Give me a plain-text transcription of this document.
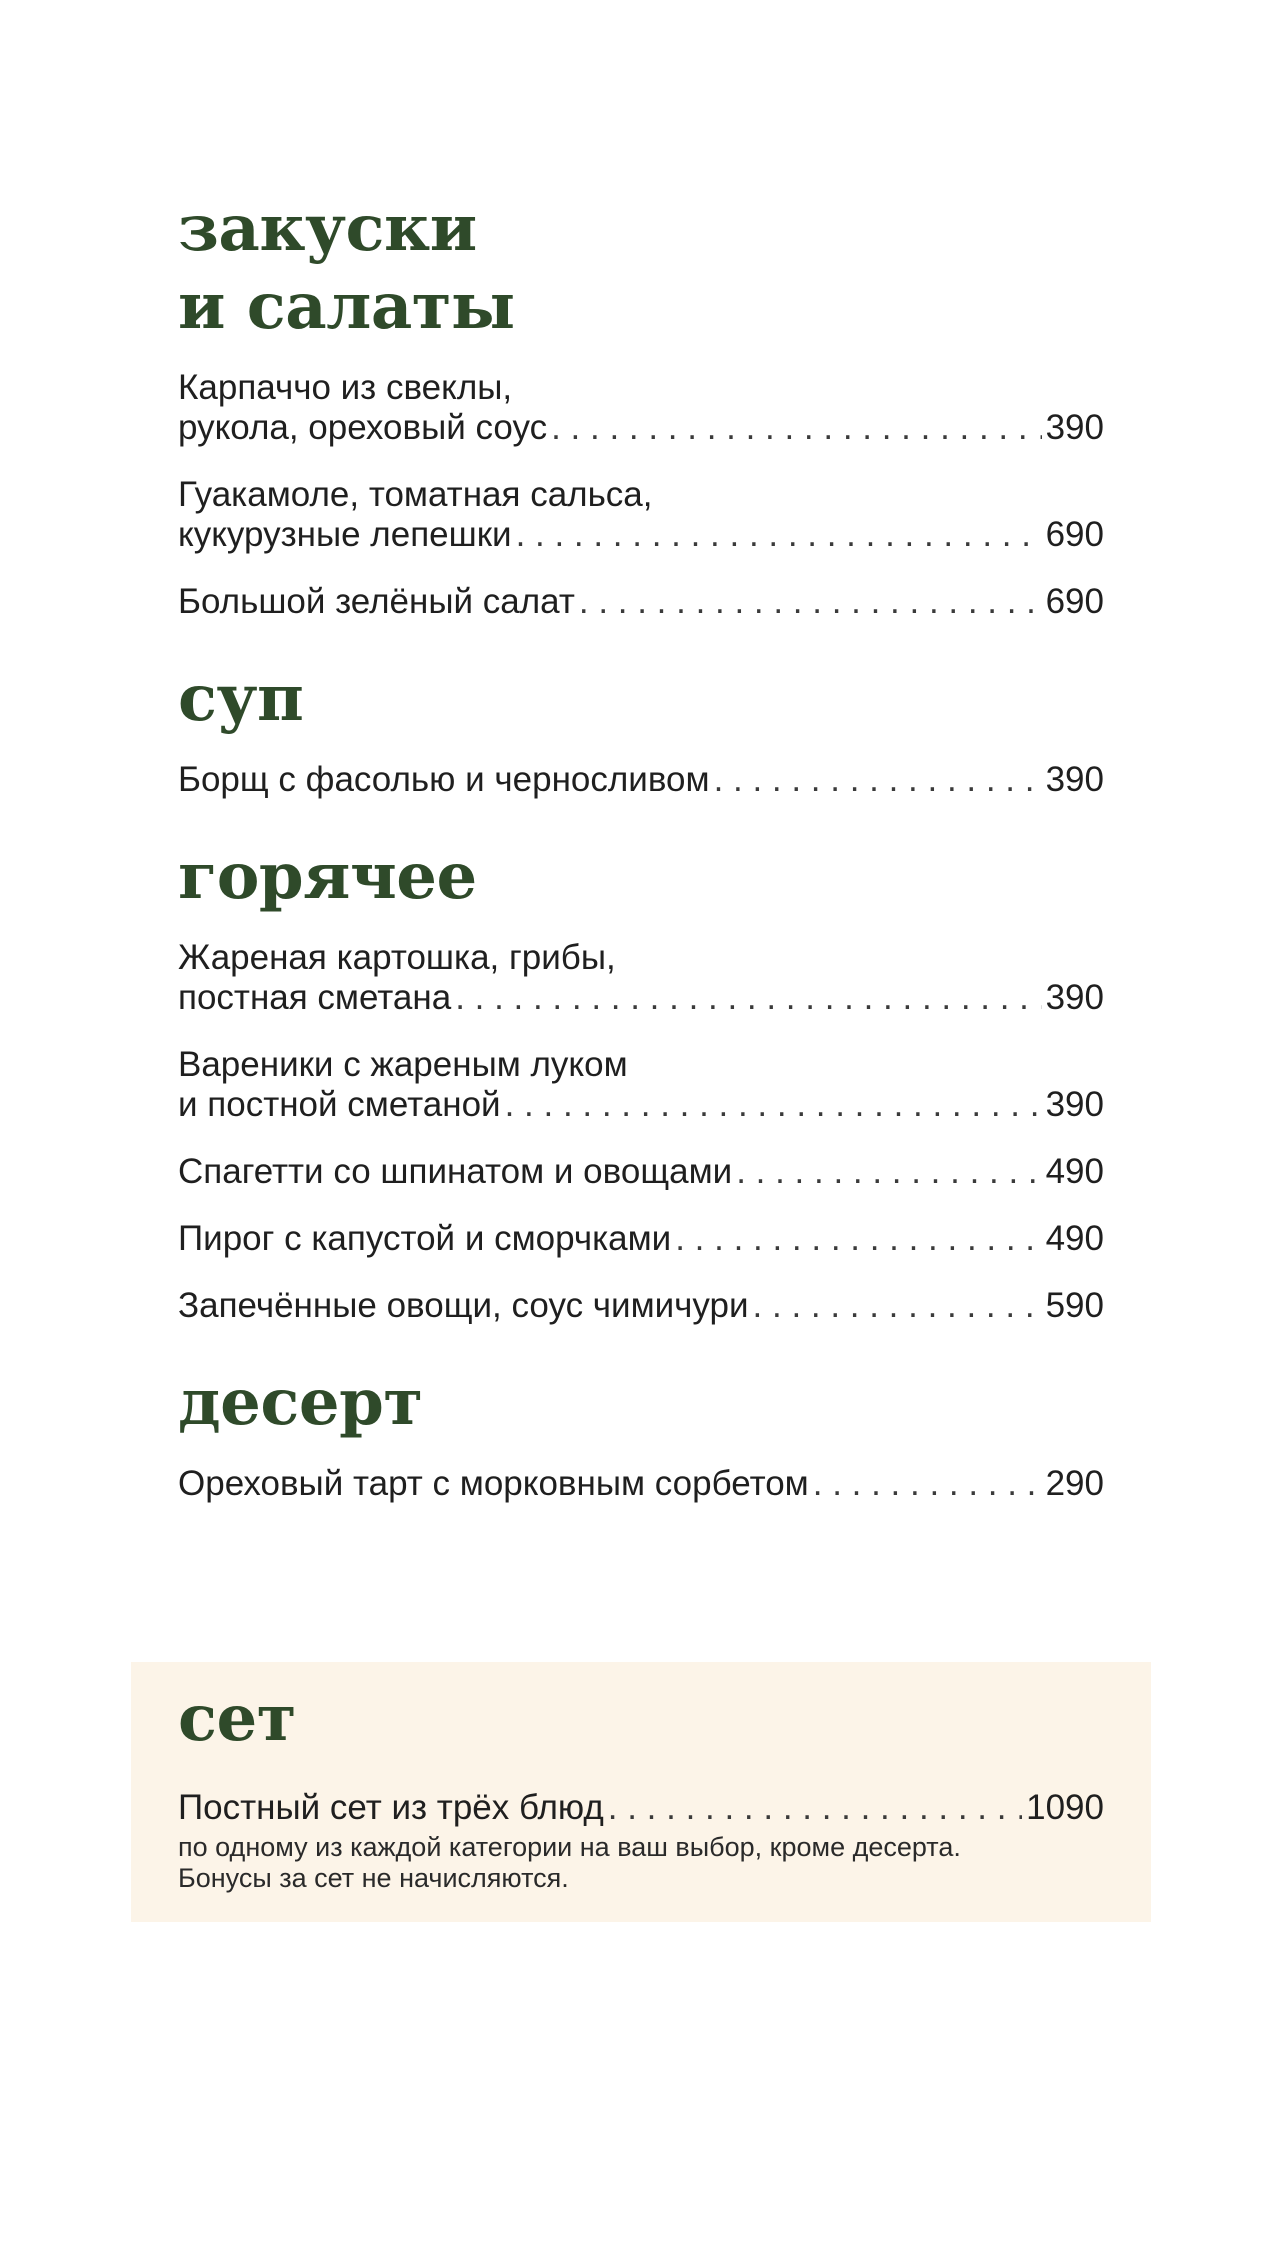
закуски
и салаты
Карпаччо из свеклы,
рукола, ореховый соус . . .	390
Гуакамоле, томатная сальса,
кукурузные лепешки . . .	690
Большой зелёный салат . . .	690
суп
Борщ с фасолью и черносливом . . .	390
горячее
Жареная картошка, грибы,
постная сметана . . .	390
Вареники с жареным луком
и постной сметаной . . .	390
Спагетти со шпинатом и овощами . . .	490
Пирог с капустой и сморчками . . .	490
Запечённые овощи, соус чимичури . . .	590
десерт
Ореховый тарт с морковным сорбетом . . .	290
сет
Постный сет из трёх блюд . . .	1090
по одному из каждой категории на ваш выбор, кроме десерта.
Бонусы за сет не начисляются.
